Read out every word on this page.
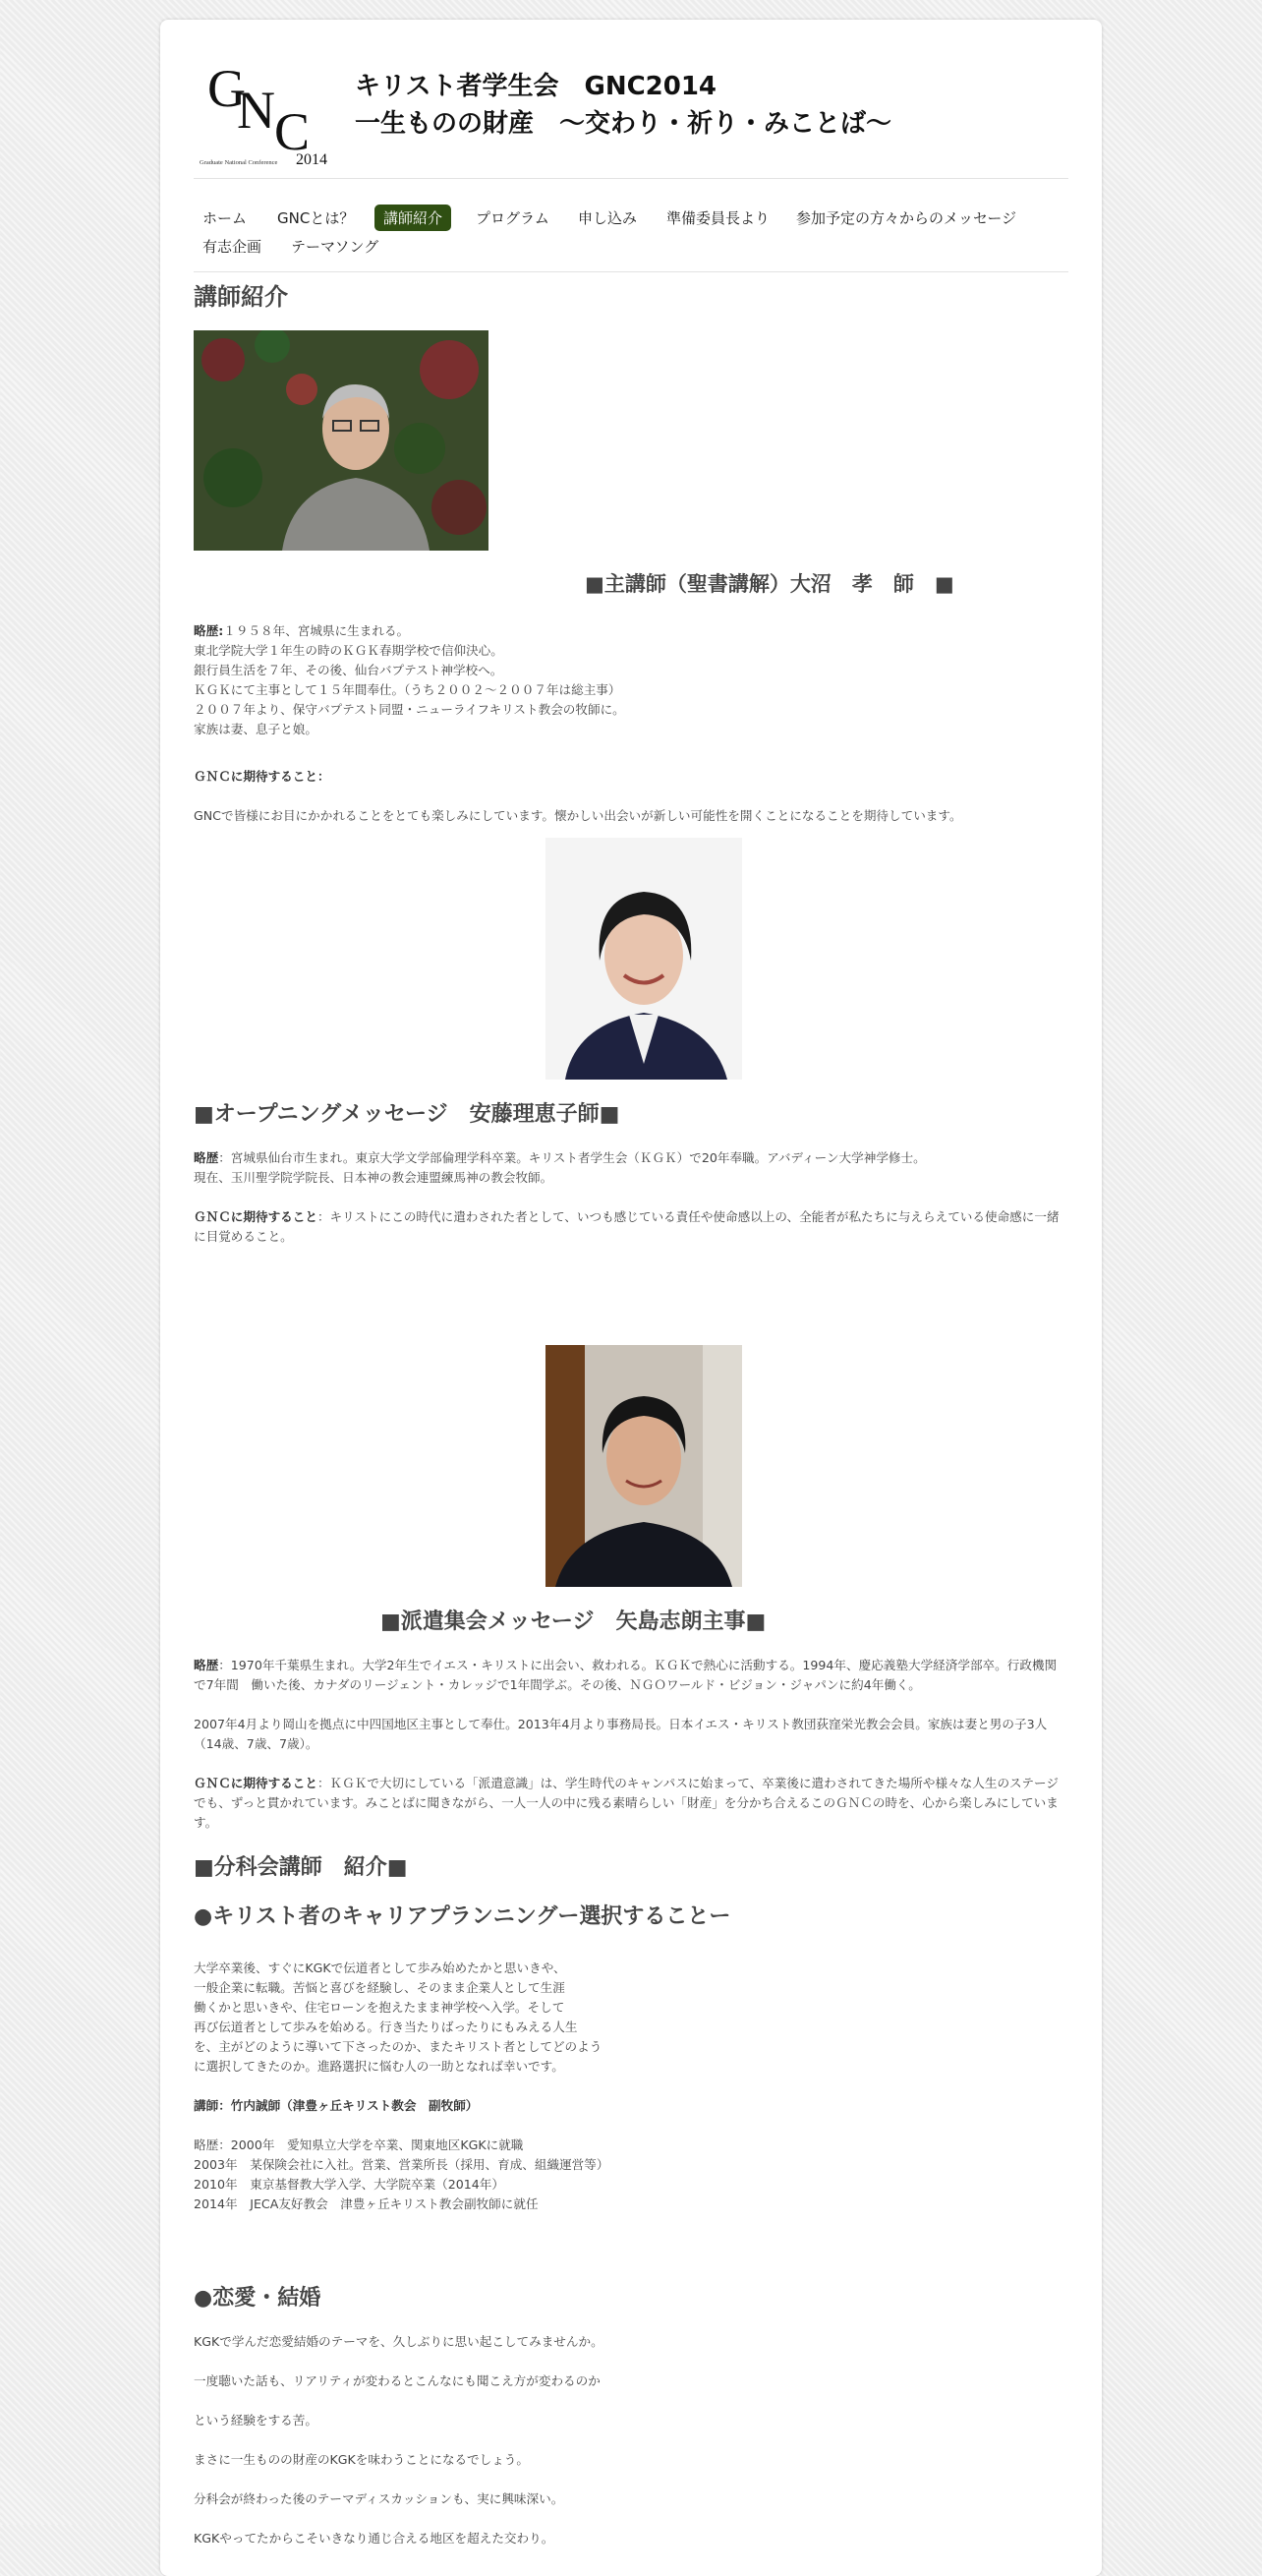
G
N C
Graduate National Conference 2014
キリスト者学生会　GNC2014
一生ものの財産　～交わり・祈り・みことば～
ホーム	GNCとは？	講師紹介	プログラム	申し込み	準備委員長より	参加予定の方々からのメッセージ
有志企画	テーマソング
講師紹介
■主講師（聖書講解）大沼　孝　師　■
略歴:１９５８年、宮城県に生まれる。
東北学院大学１年生の時のＫＧＫ春期学校で信仰決心。
銀行員生活を７年、その後、仙台バプテスト神学校へ。
ＫＧＫにて主事として１５年間奉仕。（うち２００２～２００７年は総主事）
２００７年より、保守バプテスト同盟・ニューライフキリスト教会の牧師に。
家族は妻、息子と娘。
ＧＮＣに期待すること：
GNCで皆様にお目にかかれることをとても楽しみにしています。懐かしい出会いが新しい可能性を開くことになることを期待しています。
■オープニングメッセージ　安藤理恵子師■
略歴：宮城県仙台市生まれ。東京大学文学部倫理学科卒業。キリスト者学生会（ＫＧＫ）で20年奉職。アバディーン大学神学修士。
現在、玉川聖学院学院長、日本神の教会連盟練馬神の教会牧師。
ＧＮＣに期待すること：キリストにこの時代に遣わされた者として、いつも感じている責任や使命感以上の、全能者が私たちに与えらえている使命感に一緒に目覚めること。
■派遣集会メッセージ　矢島志朗主事■
略歴：1970年千葉県生まれ。大学2年生でイエス・キリストに出会い、救われる。ＫＧＫで熱心に活動する。1994年、慶応義塾大学経済学部卒。行政機関で7年間　働いた後、カナダのリージェント・カレッジで1年間学ぶ。その後、ＮＧＯワールド・ビジョン・ジャパンに約4年働く。
2007年4月より岡山を拠点に中四国地区主事として奉仕。2013年4月より事務局長。日本イエス・キリスト教団荻窪栄光教会会員。家族は妻と男の子3人（14歳、7歳、7歳）。
ＧＮＣに期待すること：ＫＧＫで大切にしている「派遣意識」は、学生時代のキャンパスに始まって、卒業後に遣わされてきた場所や様々な人生のステージでも、ずっと貫かれています。みことばに聞きながら、一人一人の中に残る素晴らしい「財産」を分かち合えるこのＧＮＣの時を、心から楽しみにしています。
■分科会講師　紹介■
●キリスト者のキャリアプランニングー選択することー
大学卒業後、すぐにKGKで伝道者として歩み始めたかと思いきや、
一般企業に転職。苦悩と喜びを経験し、そのまま企業人として生涯
働くかと思いきや、住宅ローンを抱えたまま神学校へ入学。そして
再び伝道者として歩みを始める。行き当たりばったりにもみえる人生
を、主がどのように導いて下さったのか、またキリスト者としてどのよう
に選択してきたのか。進路選択に悩む人の一助となれば幸いです。
講師：竹内誠師（津豊ヶ丘キリスト教会　副牧師）
略歴：2000年　愛知県立大学を卒業、関東地区KGKに就職
2003年　某保険会社に入社。営業、営業所長（採用、育成、組織運営等）
2010年　東京基督教大学入学、大学院卒業（2014年）
2014年　JECA友好教会　津豊ヶ丘キリスト教会副牧師に就任
●恋愛・結婚
KGKで学んだ恋愛結婚のテーマを、久しぶりに思い起こしてみませんか。
一度聴いた話も、リアリティが変わるとこんなにも聞こえ方が変わるのか
という経験をする苦。
まさに一生ものの財産のKGKを味わうことになるでしょう。
分科会が終わった後のテーマディスカッションも、実に興味深い。
KGKやってたからこそいきなり通じ合える地区を超えた交わり。
